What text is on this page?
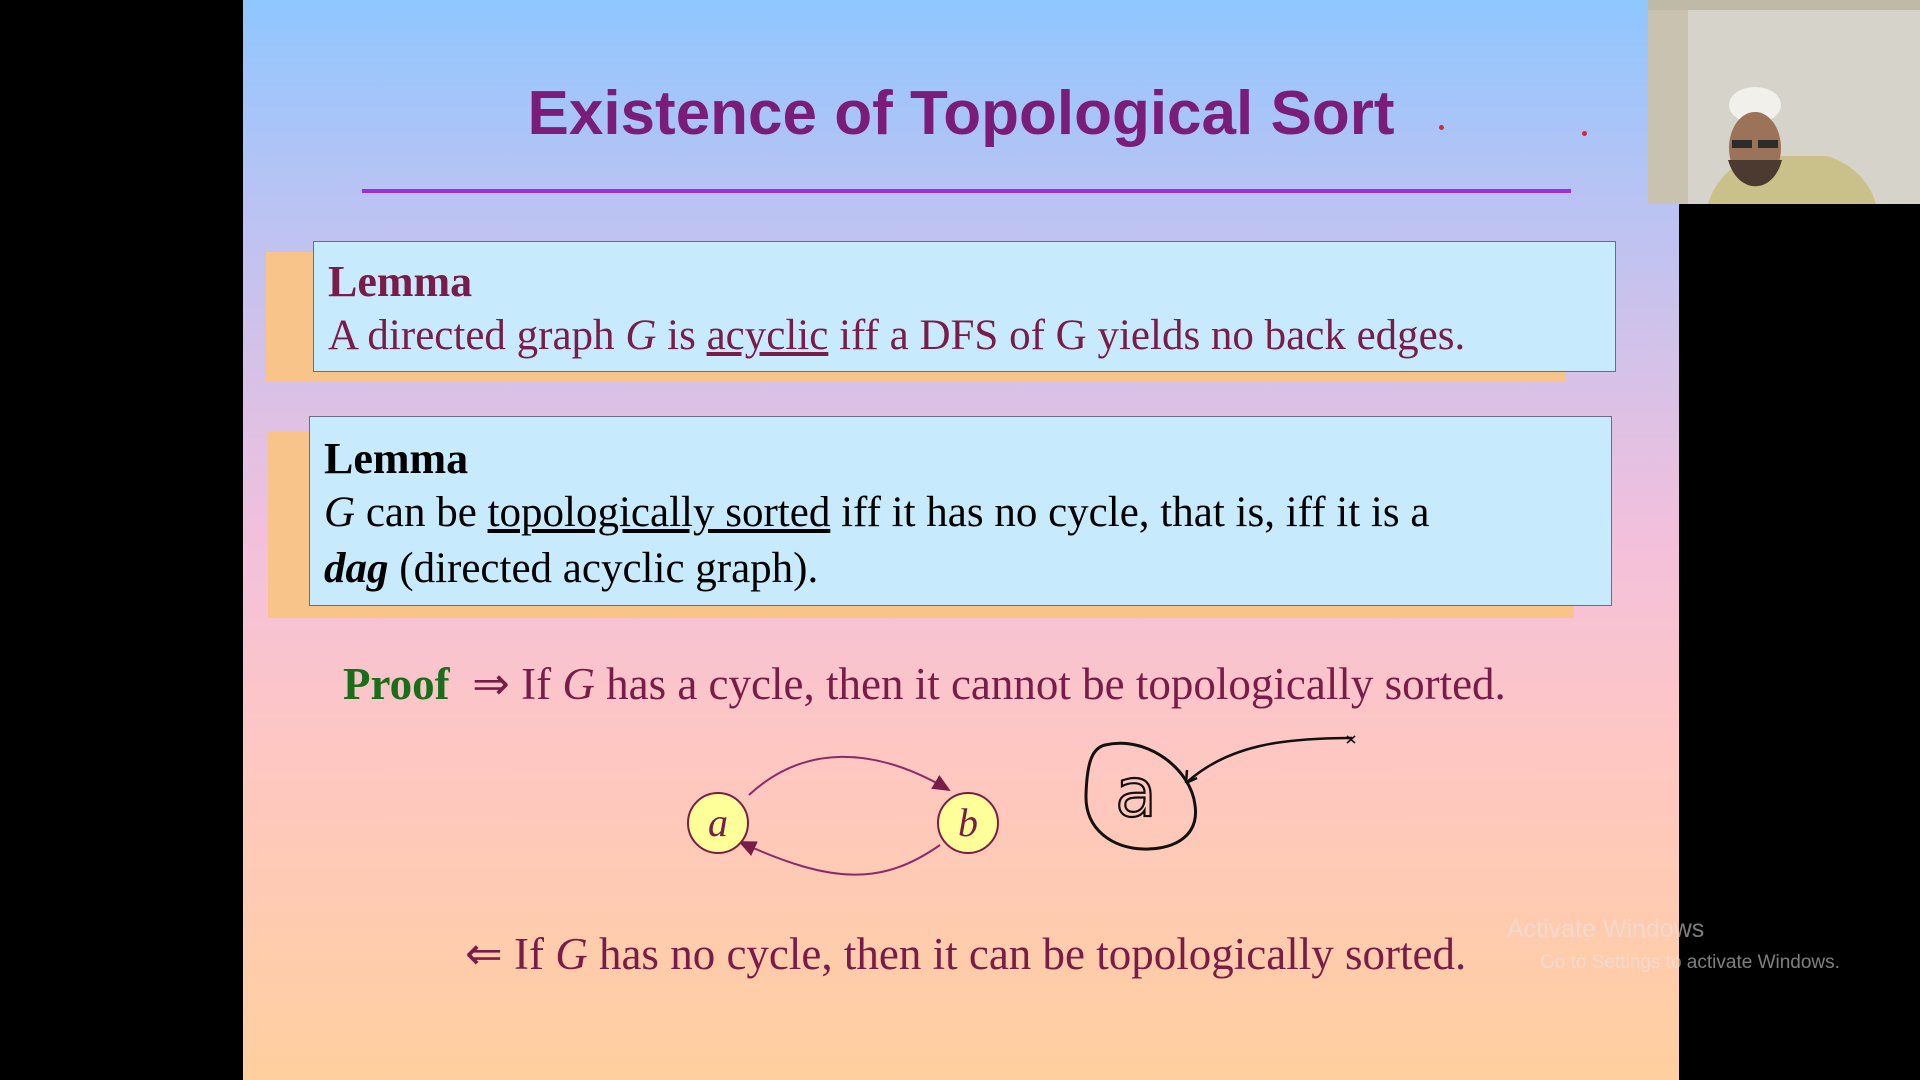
Existence of Topological Sort
Lemma
A directed graph G is acyclic iff a DFS of G yields no back edges.
Lemma
G can be topologically sorted iff it has no cycle, that is, iff it is a
dag (directed acyclic graph).
Proof ⇒ If G has a cycle, then it cannot be topologically sorted.
a	b a
⇐ If G has no cycle, then it can be topologically sorted. Activate Windows
Go to Settings to activate Windows.
